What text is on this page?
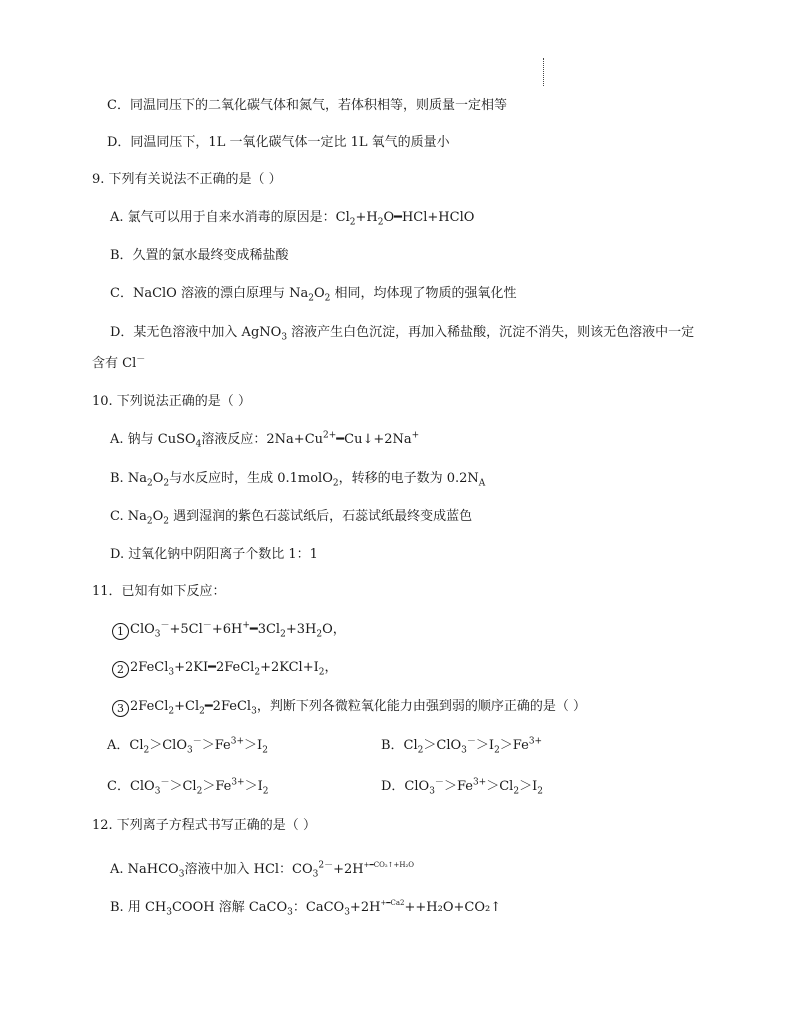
C．同温同压下的二氧化碳气体和氮气，若体积相等，则质量一定相等
D．同温同压下，1L 一氧化碳气体一定比 1L 氧气的质量小
9. 下列有关说法不正确的是（ ）
A. 氯气可以用于自来水消毒的原因是：$Cl_2+H_2O━HCl+HClO$
B．久置的氯水最终变成稀盐酸
C．NaClO 溶液的漂白原理与 $Na_2O_2$ 相同，均体现了物质的强氧化性
D．某无色溶液中加入 AgNO$_3$ 溶液产生白色沉淀，再加入稀盐酸，沉淀不消失，则该无色溶液中一定
含有 Cl－
10. 下列说法正确的是（ ）
A. 钠与 CuSO$_4$溶液反应：$2Na+Cu^{2+}━Cu↓+2Na^+$
B. $Na_2O_2$与水反应时，生成 0.1molO$_2$，转移的电子数为 $0.2N_A$
C. $Na_2O_2$ 遇到湿润的紫色石蕊试纸后，石蕊试纸最终变成蓝色
D. 过氧化钠中阴阳离子个数比 1：1
11．已知有如下反应：
1 $ClO_3^-+5Cl^-+6H^+━3Cl_2+3H_2O$，
2 $2FeCl_3+2KI━2FeCl_2+2KCl+I_2$，
3 $2FeCl_2+Cl_2━2FeCl_3$，判断下列各微粒氧化能力由强到弱的顺序正确的是（ ）
A．$Cl_2>ClO_3^->Fe^{3+}>I_2$	B．$Cl_2>ClO_3^->I_2>Fe^{3+}$
C．$ClO_3^->Cl_2>Fe^{3+}>I_2$	D．$ClO_3^->Fe^{3+}>Cl_2>I_2$
12. 下列离子方程式书写正确的是（ ）
A. NaHCO$_3$溶液中加入 HCl：$CO_3^{2-}+2H^{+━CO_2↑+H_2O}$
B. 用 $CH_3COOH$ 溶解 CaCO$_3$：$CaCO_3+2H^{+━Ca2}++H_2O+CO_2↑$
